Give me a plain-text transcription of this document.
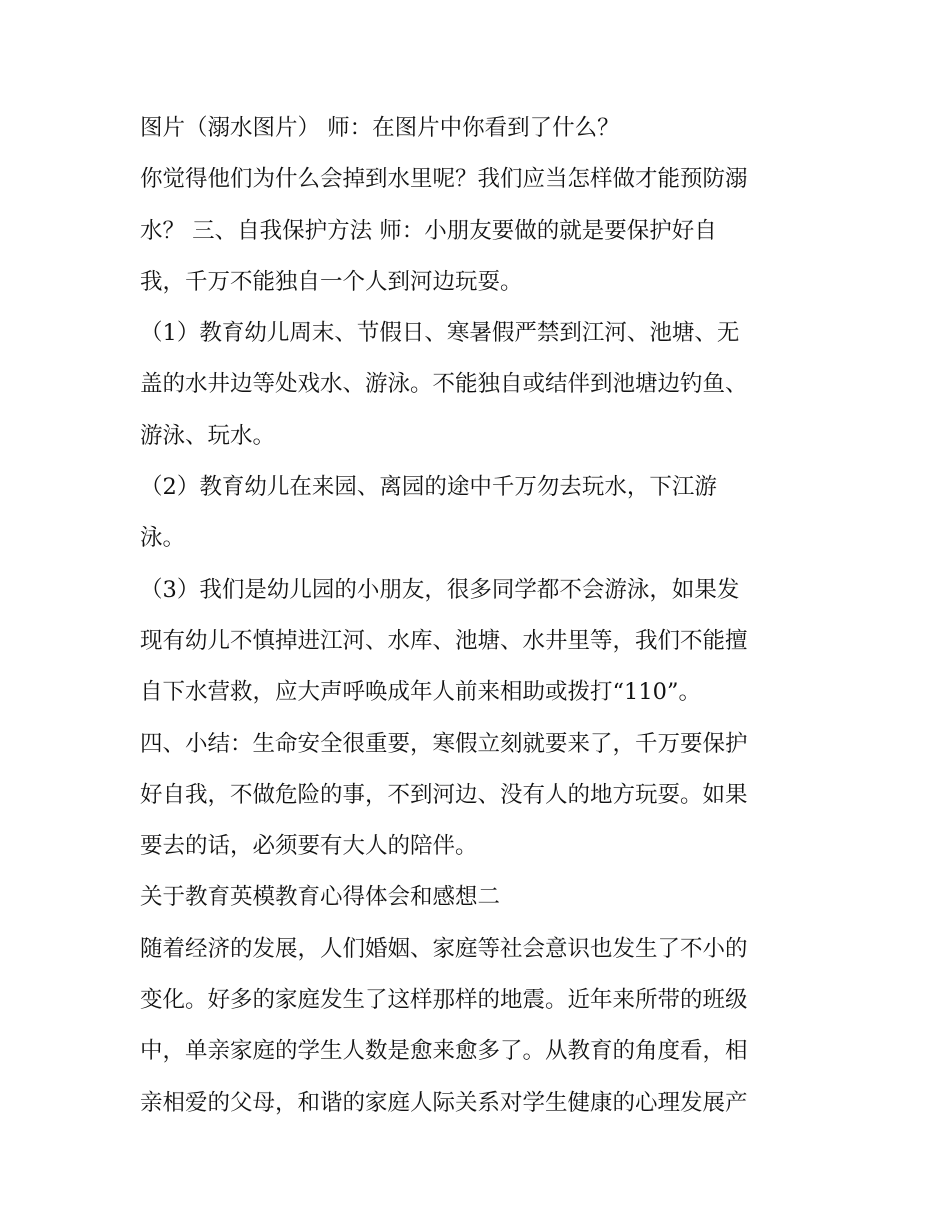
图片（溺水图片） 师：在图片中你看到了什么？
你觉得他们为什么会掉到水里呢？我们应当怎样做才能预防溺
水？ 三、自我保护方法 师：小朋友要做的就是要保护好自
我，千万不能独自一个人到河边玩耍。
（1）教育幼儿周末、节假日、寒暑假严禁到江河、池塘、无
盖的水井边等处戏水、游泳。不能独自或结伴到池塘边钓鱼、
游泳、玩水。
（2）教育幼儿在来园、离园的途中千万勿去玩水，下江游
泳。
（3）我们是幼儿园的小朋友，很多同学都不会游泳，如果发
现有幼儿不慎掉进江河、水库、池塘、水井里等，我们不能擅
自下水营救，应大声呼唤成年人前来相助或拨打“110”。
四、小结：生命安全很重要，寒假立刻就要来了，千万要保护
好自我，不做危险的事，不到河边、没有人的地方玩耍。如果
要去的话，必须要有大人的陪伴。
关于教育英模教育心得体会和感想二
随着经济的发展，人们婚姻、家庭等社会意识也发生了不小的
变化。好多的家庭发生了这样那样的地震。近年来所带的班级
中，单亲家庭的学生人数是愈来愈多了。从教育的角度看，相
亲相爱的父母，和谐的家庭人际关系对学生健康的心理发展产
